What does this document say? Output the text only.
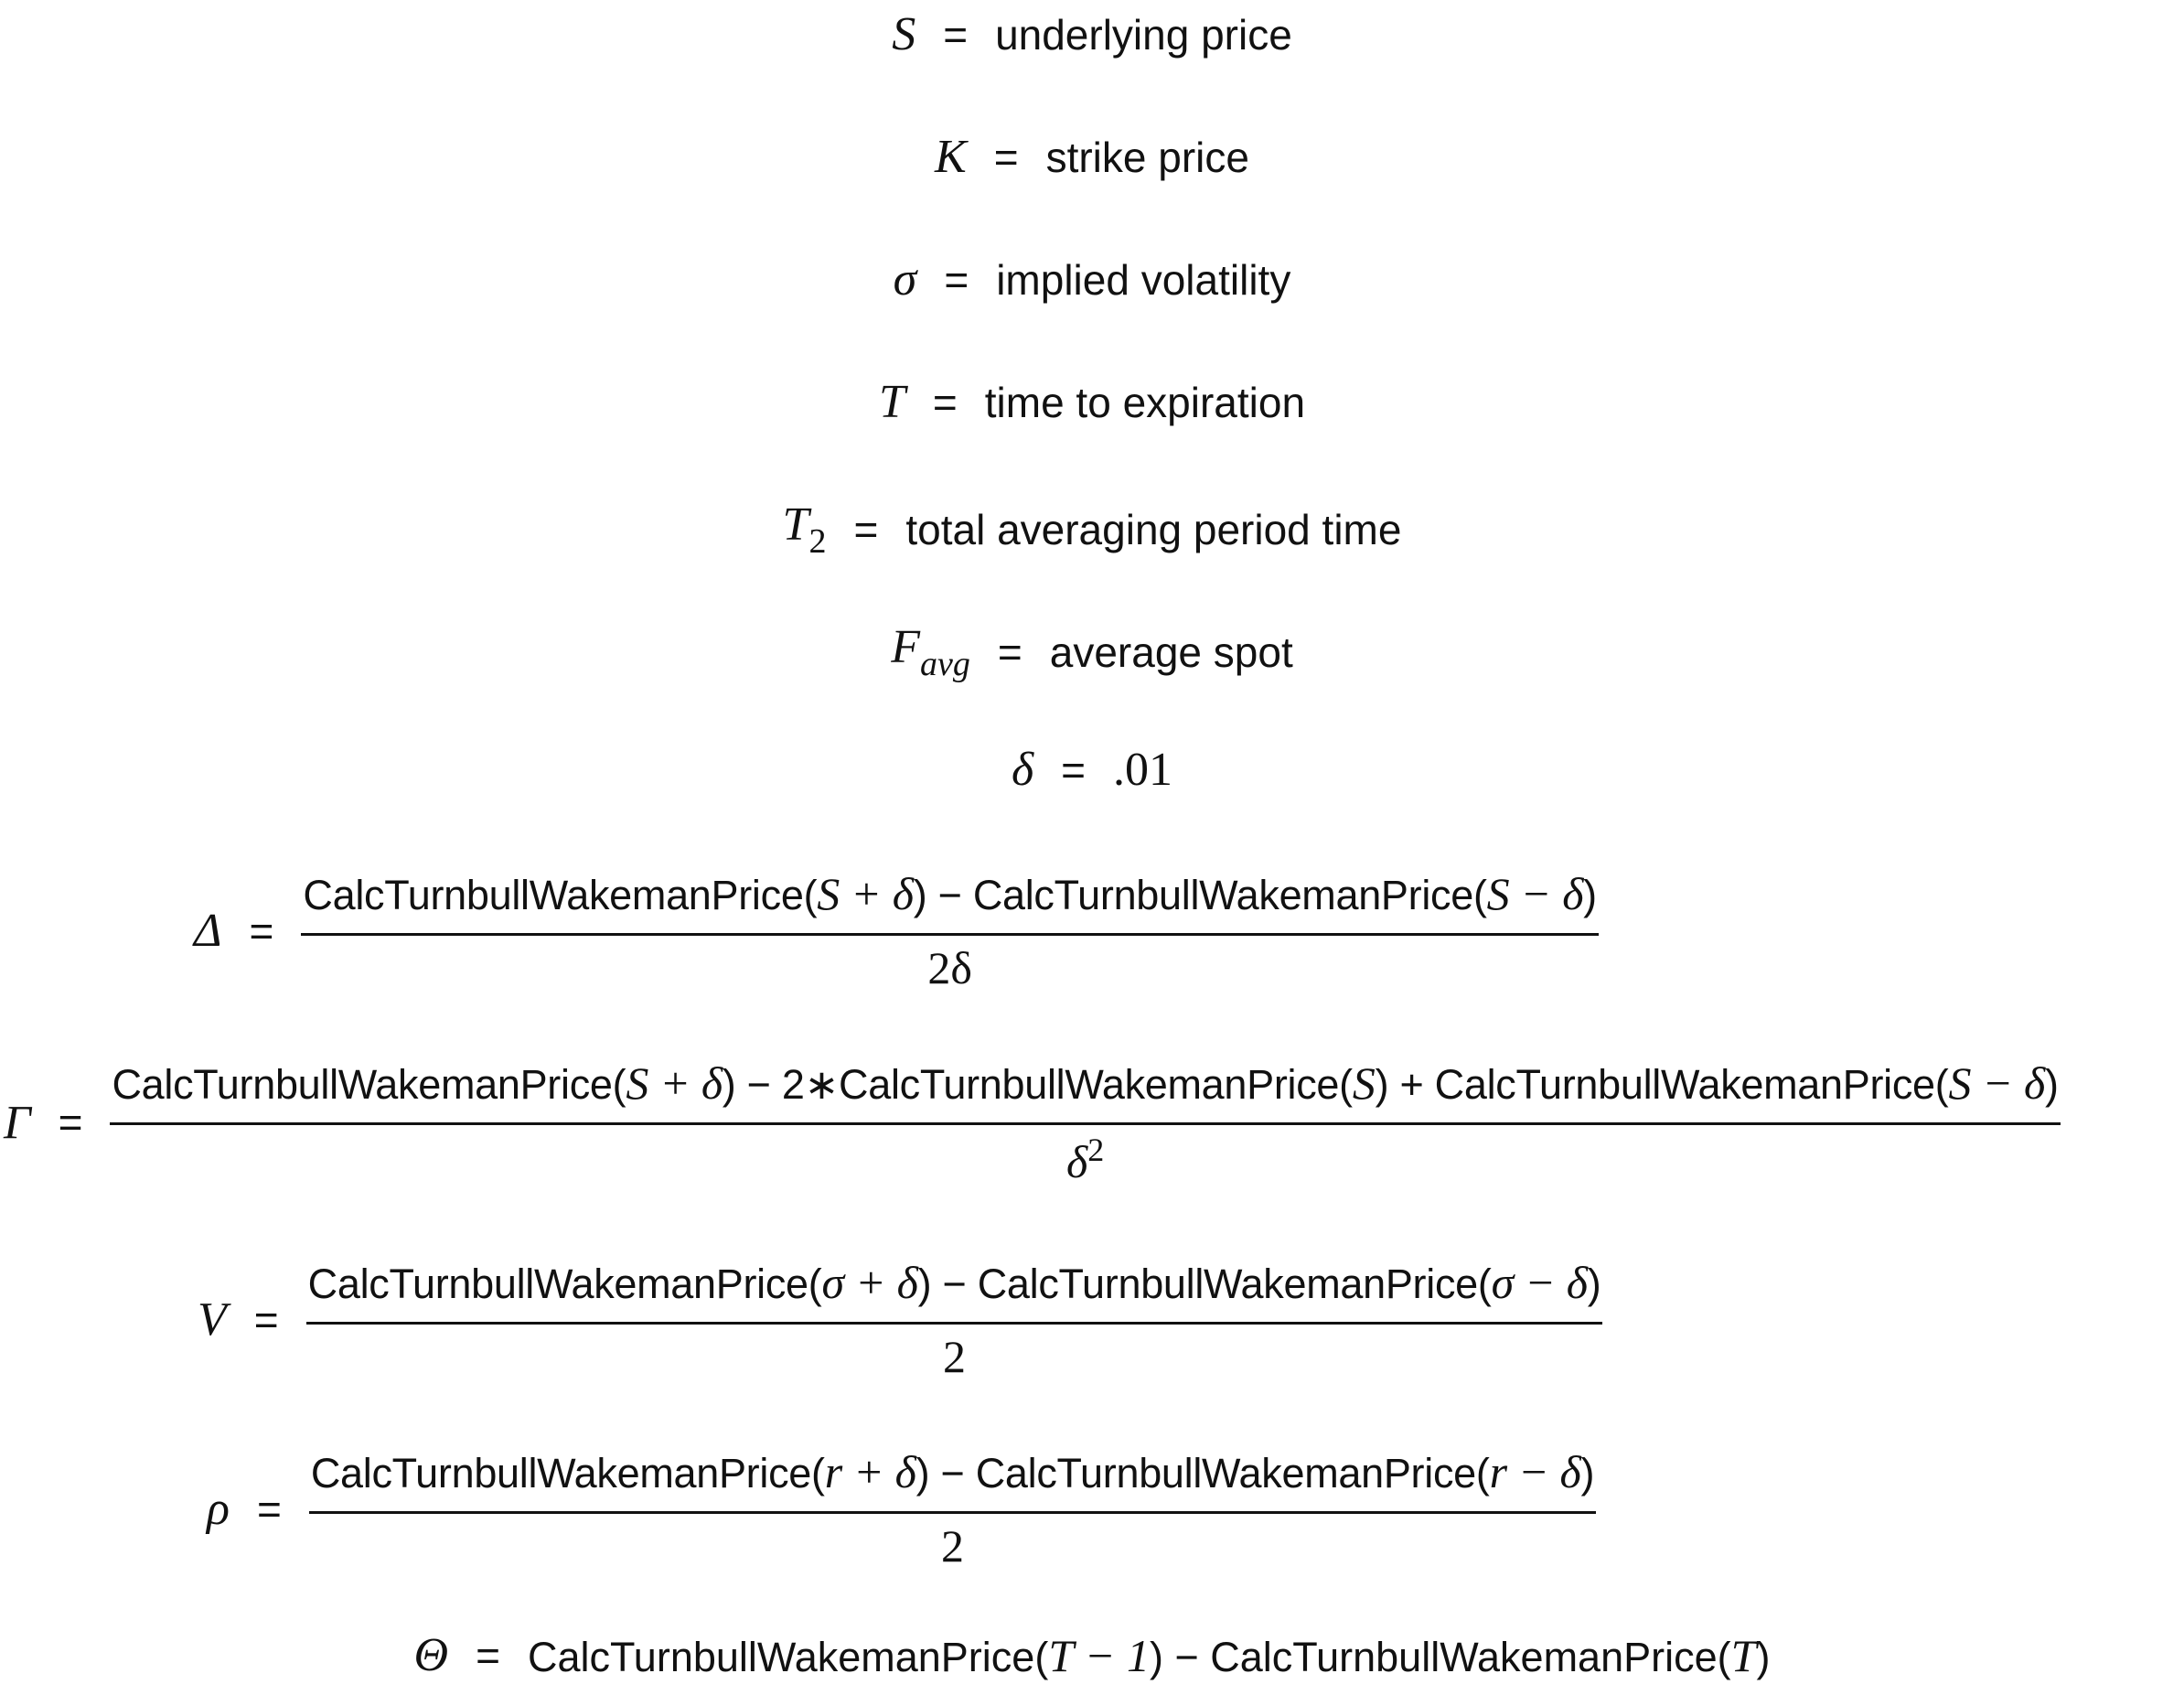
S = underlying price
K = strike price
σ = implied volatility
T = time to expiration
$T_2$ = total averaging period time
$F_{avg}$ = average spot
δ = .01
Δ =
CalcTurnbullWakemanPrice(S + δ) − CalcTurnbullWakemanPrice(S − δ)
2δ
Γ =
CalcTurnbullWakemanPrice(S + δ) − 2∗CalcTurnbullWakemanPrice(S) + CalcTurnbullWakemanPrice(S − δ)
$\delta^2$
V =
CalcTurnbullWakemanPrice(σ + δ) − CalcTurnbullWakemanPrice(σ − δ)
2
ρ =
CalcTurnbullWakemanPrice(r + δ) − CalcTurnbullWakemanPrice(r − δ)
2
Θ = CalcTurnbullWakemanPrice(T − 1) − CalcTurnbullWakemanPrice(T)
